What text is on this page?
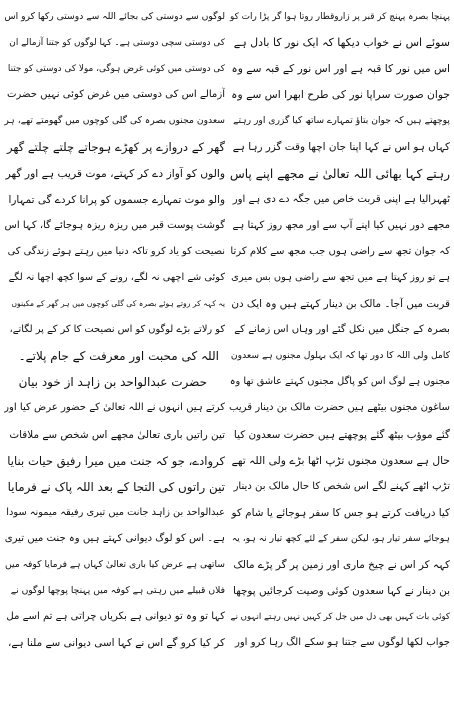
پہنچا بصرہ پہنچ کر قبر پر زاروقطار روتا ہوا گر پڑا رات کو
سوئے اس نے خواب دیکھا کہ ایک نور کا بادل ہے
اس میں نور کا قبہ ہے اور اس نور کے قبہ سے وہ
جوان صورت سراپا نور کی طرح ابھرا اس سے وہ
پوچھتے ہیں کہ جوان بتاؤ تمہارے ساتھ کیا گزری اور رہتے
کہاں ہو اس نے کہا اپنا جان اچھا وقت گزر رہا ہے
رہتے کہا بھائی اللہ تعالیٰ نے مجھے اپنے پاس
ٹھہرالیا ہے اپنی قربت خاص میں جگہ دے دی ہے اور
مجھے دور نہیں کیا اپنے آپ سے اور مجھ روز کہتا ہے
کہ جوان تجھ سے راضی ہوں جب مجھ سے کلام کرتا
ہے تو روز کہتا ہے میں تجھ سے راضی ہوں بس میری
قربت میں آجا۔ مالک بن دینار کہتے ہیں وہ ایک دن
بصرہ کے جنگل میں نکل گئے اور وہاں اس زمانے کے
کامل ولی اللہ کا دور تھا کہ ایک بہلول مجنوں ہے سعدون
مجنوں ہے لوگ اس کو پاگل مجنوں کہتے عاشق تھا وہ
ساغون مجنوں بیٹھے ہیں حضرت مالک بن دینار قریب
گئے موؤب بیٹھ گئے پوچھتے ہیں حضرت سعدون کیا
حال ہے سعدون مجنوں تڑپ اٹھا بڑے ولی اللہ تھے
تڑپ اٹھے کہنے لگے اس شخص کا حال مالک بن دینار
کیا دریافت کرتے ہو جس کا سفر ہوجائے یا شام کو
ہوجائے سفر تیار ہو، لیکن سفر کے لئے کچھ تیار نہ ہو، یہ
کہہ کر اس نے چیخ ماری اور زمین پر گر پڑے مالک
بن دینار نے کہا سعدون کوئی وصیت کرجائیں پوچھا
کوئی بات کہیں بھی دل میں جل کر کہیں نہیں رہتے انہوں نے
جواب لکھا لوگوں سے جتنا ہو سکے الگ رہا کرو اور
لوگوں سے دوستی کی بجائے اللہ سے دوستی رکھا کرو اس
کی دوستی سچی دوستی ہے۔ کہا لوگوں کو جتنا آزمالے ان
کی دوستی میں کوئی غرض ہوگی، مولا کی دوستی کو جتنا
آزمالے اس کی دوستی میں غرض کوئی نہیں حضرت
سعدون مجنوں بصرہ کی گلی کوچوں میں گھومتے تھے، ہر
گھر کے دروازے پر کھڑے ہوجاتے چلتے چلتے گھر
والوں کو آواز دے کر کہتے، موت قریب ہے اور گھر
والو موت تمہارے جسموں کو پرانا کردے گی تمہارا
گوشت پوست قبر میں ریزہ ریزہ ہوجائے گا، کہا اس
نصیحت کو یاد کرو تاکہ دنیا میں رہتے ہوئے زندگی کی
کوئی شے اچھی نہ لگے، رونے کے سوا کچھ اچھا نہ لگے
یہ کہہ کر روتے ہوئے بصرہ کی گلی کوچوں میں ہر گھر کے مکینوں
کو رلاتے بڑے لوگوں کو اس نصیحت کا کر کے پر لگاتے،
اللہ کی محبت اور معرفت کے جام پلاتے۔
حضرت عبدالواحد بن زاہد از خود بیان
کرتے ہیں انہوں نے اللہ تعالیٰ کے حضور عرض کیا اور
تین راتیں باری تعالیٰ مجھے اس شخص سے ملاقات
کروادے، جو کہ جنت میں میرا رفیق حیات بنایا
تین راتوں کی التجا کے بعد اللہ پاک نے فرمایا
عبدالواحد بن زاہد جانت میں تیری رفیقہ میمونہ سودا
ہے۔ اس کو لوگ دیوانی کہتے ہیں وہ جنت میں تیری
ساتھی ہے عرض کیا باری تعالیٰ کہاں ہے فرمایا کوفہ میں
فلاں قبیلے میں رہتی ہے کوفہ میں پہنچا پوچھا لوگوں نے
کہا تو وہ تو دیوانی ہے بکریاں چراتی ہے تم اسے مل
کر کیا کرو گے اس نے کہا اسی دیوانی سے ملنا ہے،
